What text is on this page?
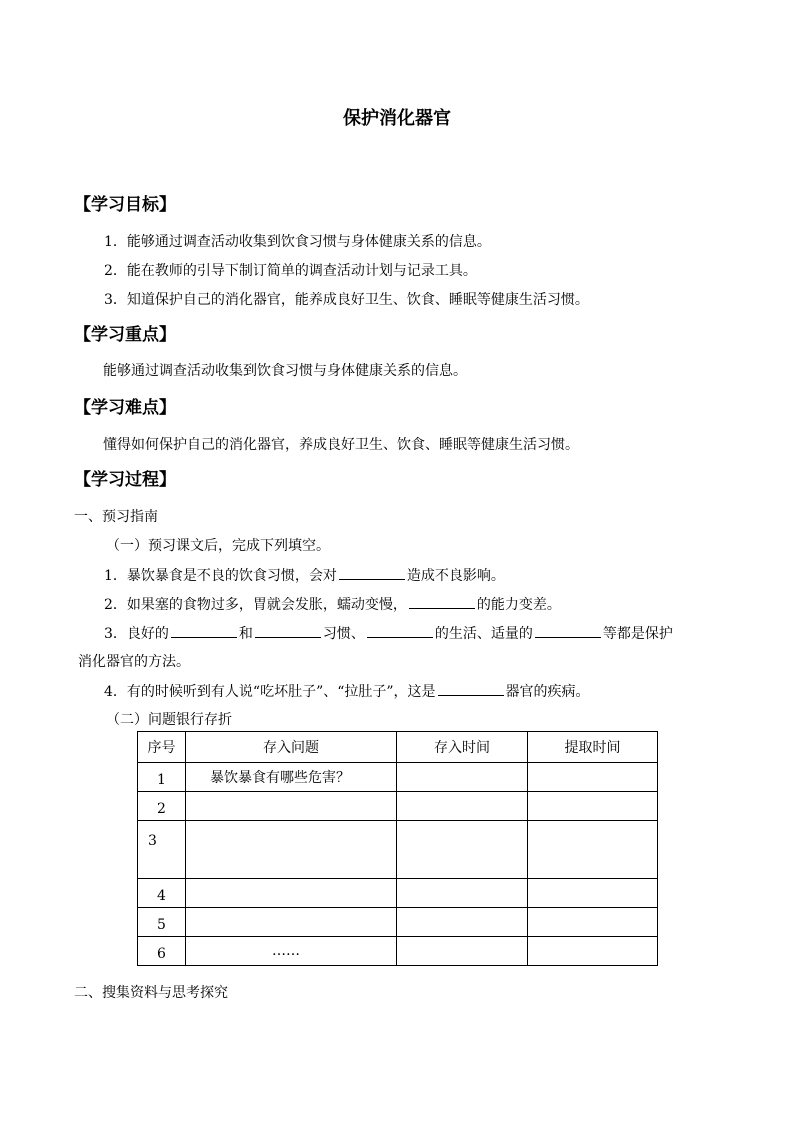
保护消化器官
【学习目标】
1．能够通过调查活动收集到饮食习惯与身体健康关系的信息。
2．能在教师的引导下制订简单的调查活动计划与记录工具。
3．知道保护自己的消化器官，能养成良好卫生、饮食、睡眠等健康生活习惯。
【学习重点】
能够通过调查活动收集到饮食习惯与身体健康关系的信息。
【学习难点】
懂得如何保护自己的消化器官，养成良好卫生、饮食、睡眠等健康生活习惯。
【学习过程】
一、预习指南
（一）预习课文后，完成下列填空。
1．暴饮暴食是不良的饮食习惯，会对	造成不良影响。
2．如果塞的食物过多，胃就会发胀，蠕动变慢，	的能力变差。
3．良好的	和	习惯、	的生活、适量的	等都是保护
消化器官的方法。
4．有的时候听到有人说“吃坏肚子”、“拉肚子”，这是	器官的疾病。
（二）问题银行存折
序号	存入问题	存入时间	提取时间
1	暴饮暴食有哪些危害？		
2			
3			
4			
5			
6	……		
二、搜集资料与思考探究
